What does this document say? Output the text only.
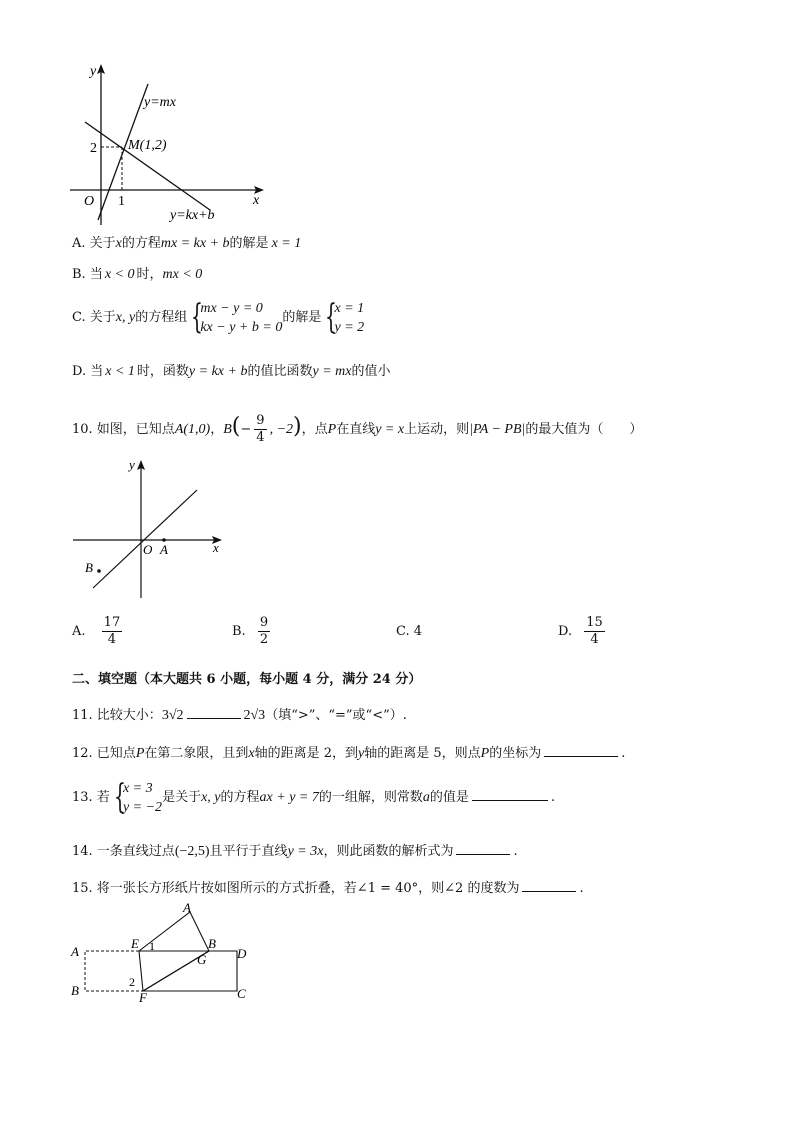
y
x
O
2
1
y=mx
y=kx+b
M(1,2)
A. 关于x的方程mx = kx + b的解是 x = 1
B. 当 x < 0 时，mx < 0
C. 关于x, y的方程组 {
mx − y = 0
kx − y + b = 0
的解是 {
x = 1
y = 2
D. 当 x < 1 时，函数y = kx + b的值比函数y = mx的值小
10. 如图，已知点A(1,0)，$B(- \frac{9}{4}$ , −2)，点P在直线y = x上运动，则|PA − PB|的最大值为（　　）
y
x
O A
B
A. $\frac{17}{4}$	B. $\frac{9}{2}$	C. 4	D. $\frac{15}{4}$
二、填空题（本大题共 6 小题，每小题 4 分，满分 24 分）
11. 比较大小：3√2	2√3（填“>”、“=”或“<”）.
12. 已知点P在第二象限，且到x轴的距离是 2，到y轴的距离是 5，则点P的坐标为	.
13. 若 {
x = 3
y = −2
是关于x, y的方程ax + y = 7的一组解，则常数a的值是	.
14. 一条直线过点(−2,5)且平行于直线y = 3x，则此函数的解析式为	.
15. 将一张长方形纸片按如图所示的方式折叠，若∠1 = 40°，则∠2 的度数为	.
A
A
B
E 1	B
D
G
2
F	C
